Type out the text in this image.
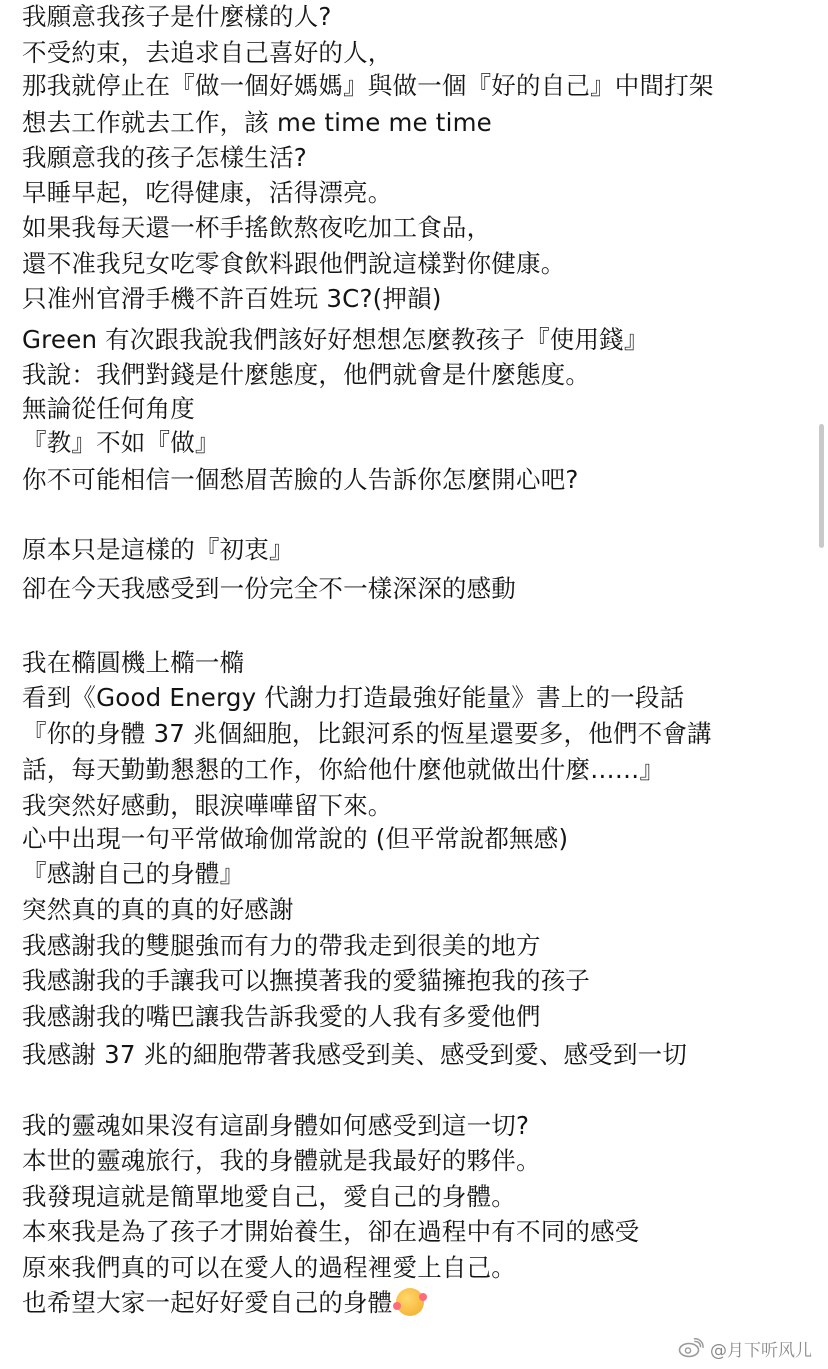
我願意我孩子是什麼樣的人?
不受約束，去追求自己喜好的人，
那我就停止在『做一個好媽媽』與做一個『好的自己』中間打架
想去工作就去工作，該 me time me time
我願意我的孩子怎樣生活?
早睡早起，吃得健康，活得漂亮。
如果我每天還一杯手搖飲熬夜吃加工食品，
還不准我兒女吃零食飲料跟他們說這樣對你健康。
只准州官滑手機不許百姓玩 3C?(押韻)
Green 有次跟我說我們該好好想想怎麼教孩子『使用錢』
我說：我們對錢是什麼態度，他們就會是什麼態度。
無論從任何角度
『教』不如『做』
你不可能相信一個愁眉苦臉的人告訴你怎麼開心吧?
原本只是這樣的『初衷』
卻在今天我感受到一份完全不一樣深深的感動
我在橢圓機上橢一橢
看到《Good Energy 代謝力打造最強好能量》書上的一段話
『你的身體 37 兆個細胞，比銀河系的恆星還要多，他們不會講
話，每天勤勤懇懇的工作，你給他什麼他就做出什麼……』
我突然好感動，眼淚嘩嘩留下來。
心中出現一句平常做瑜伽常說的 (但平常說都無感)
『感謝自己的身體』
突然真的真的真的好感謝
我感謝我的雙腿強而有力的帶我走到很美的地方
我感謝我的手讓我可以撫摸著我的愛貓擁抱我的孩子
我感謝我的嘴巴讓我告訴我愛的人我有多愛他們
我感謝 37 兆的細胞帶著我感受到美、感受到愛、感受到一切
我的靈魂如果沒有這副身體如何感受到這一切?
本世的靈魂旅行，我的身體就是我最好的夥伴。
我發現這就是簡單地愛自己，愛自己的身體。
本來我是為了孩子才開始養生，卻在過程中有不同的感受
原來我們真的可以在愛人的過程裡愛上自己。
也希望大家一起好好愛自己的身體
@月下听风儿
